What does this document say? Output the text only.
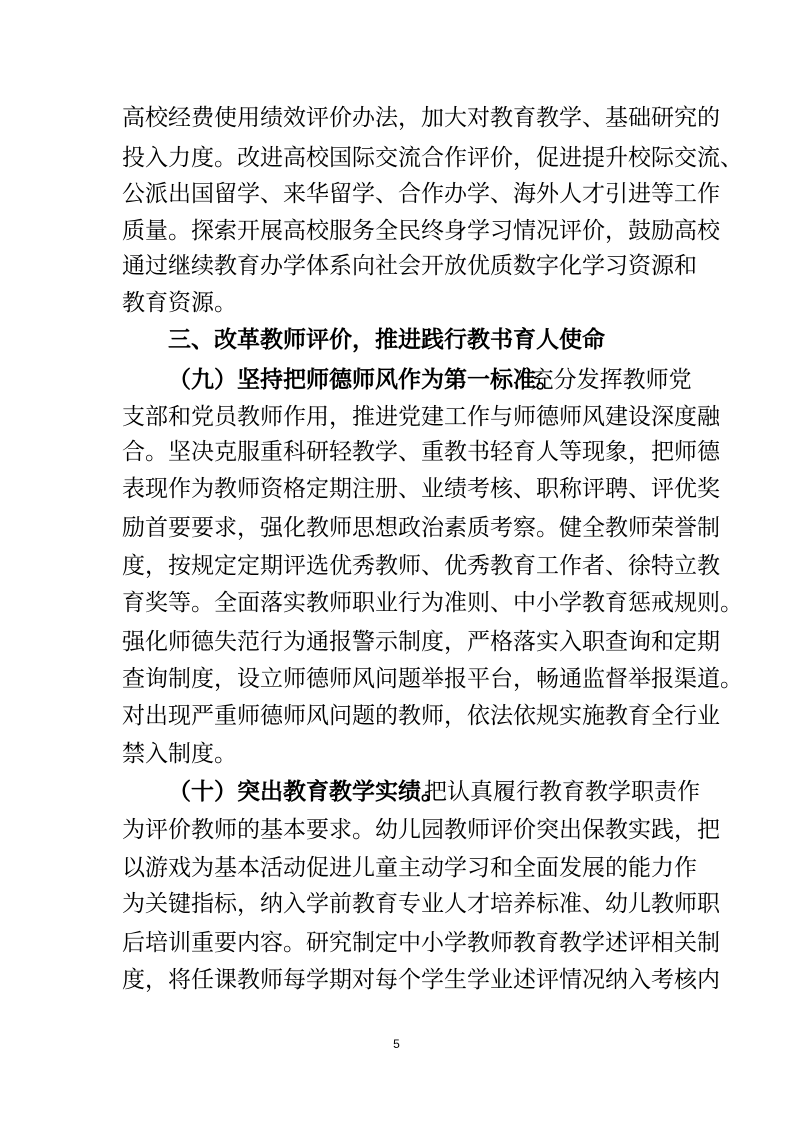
高校经费使用绩效评价办法，加大对教育教学、基础研究的
投入力度。改进高校国际交流合作评价，促进提升校际交流、
公派出国留学、来华留学、合作办学、海外人才引进等工作
质量。探索开展高校服务全民终身学习情况评价，鼓励高校
通过继续教育办学体系向社会开放优质数字化学习资源和
教育资源。
三、改革教师评价，推进践行教书育人使命
（九）坚持把师德师风作为第一标准。
充分发挥教师党
支部和党员教师作用，推进党建工作与师德师风建设深度融
合。坚决克服重科研轻教学、重教书轻育人等现象，把师德
表现作为教师资格定期注册、业绩考核、职称评聘、评优奖
励首要要求，强化教师思想政治素质考察。健全教师荣誉制
度，按规定定期评选优秀教师、优秀教育工作者、徐特立教
育奖等。全面落实教师职业行为准则、中小学教育惩戒规则。
强化师德失范行为通报警示制度，严格落实入职查询和定期
查询制度，设立师德师风问题举报平台，畅通监督举报渠道。
对出现严重师德师风问题的教师，依法依规实施教育全行业
禁入制度。
（十）突出教育教学实绩。
把认真履行教育教学职责作
为评价教师的基本要求。幼儿园教师评价突出保教实践，把
以游戏为基本活动促进儿童主动学习和全面发展的能力作
为关键指标，纳入学前教育专业人才培养标准、幼儿教师职
后培训重要内容。研究制定中小学教师教育教学述评相关制
度，将任课教师每学期对每个学生学业述评情况纳入考核内
5
